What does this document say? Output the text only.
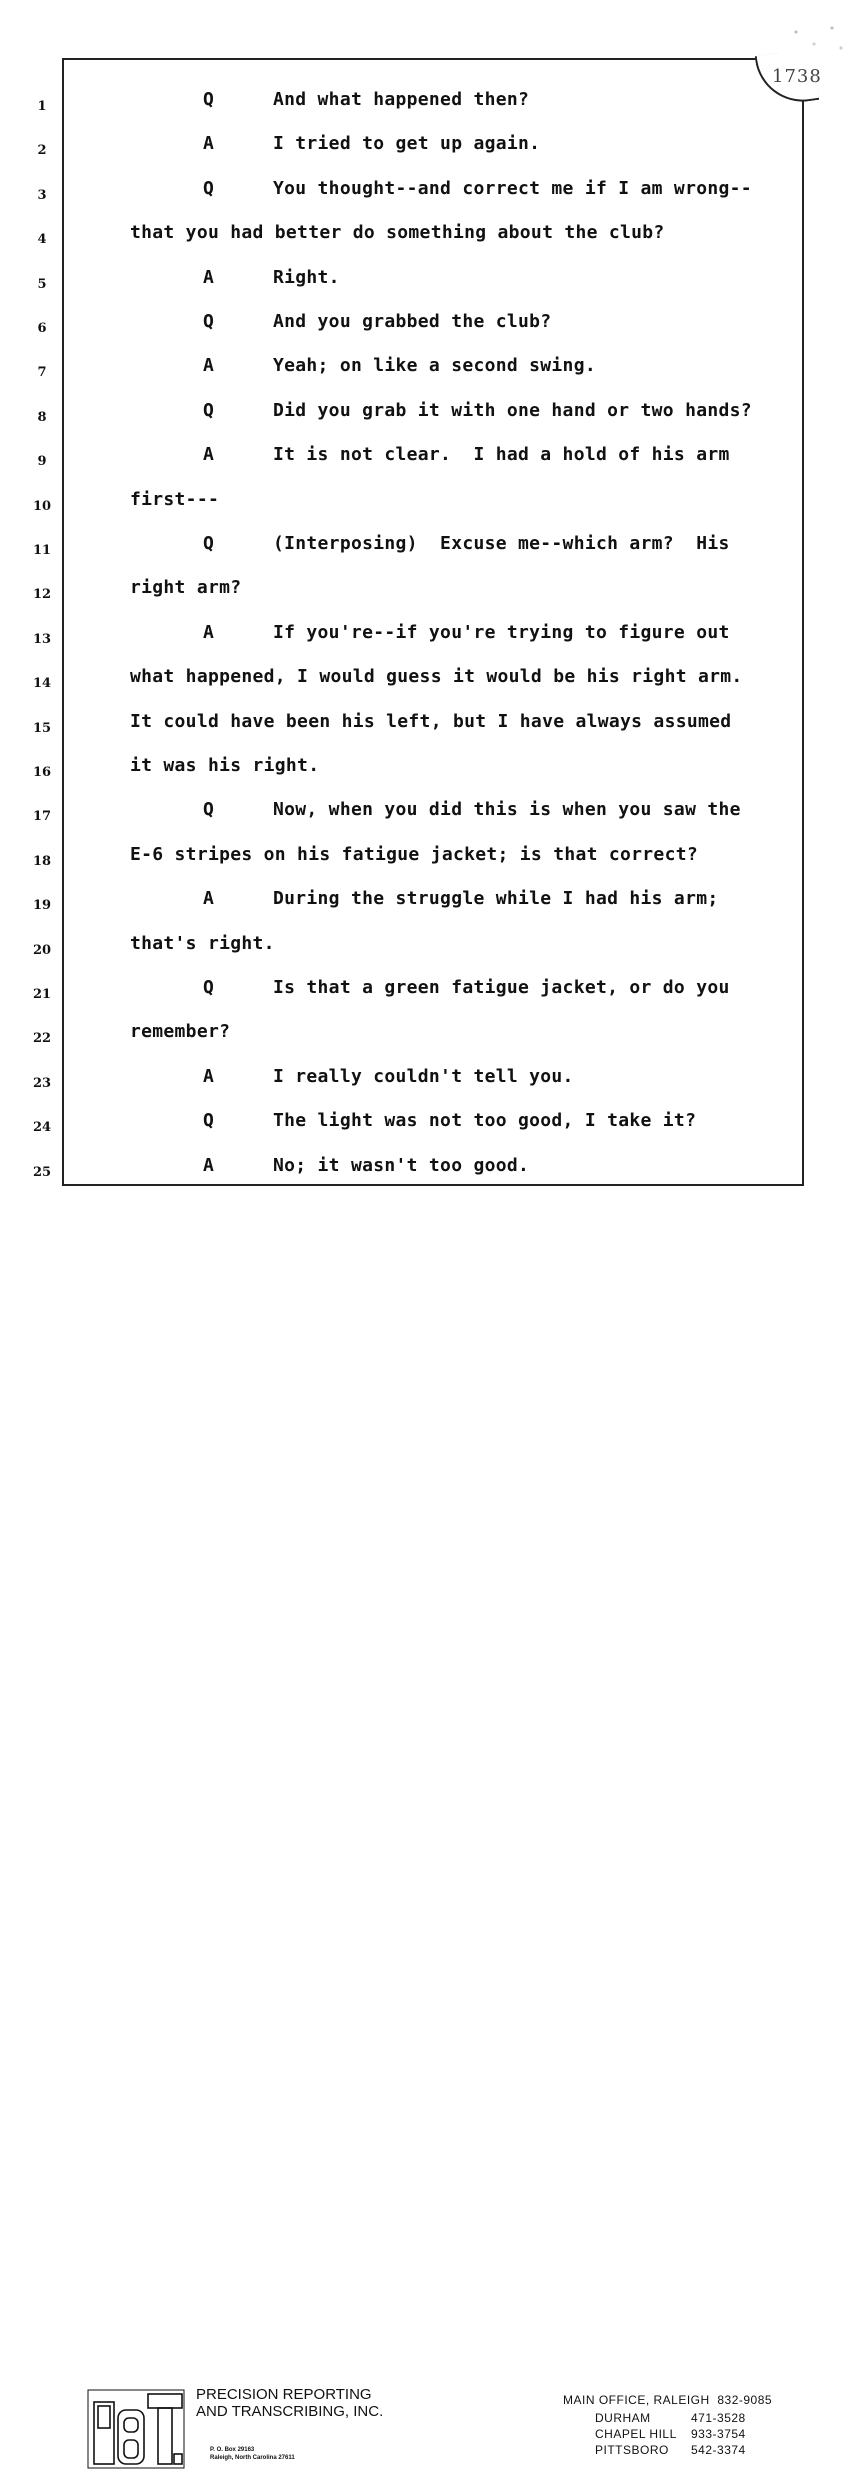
1738
1	Q	And what happened then?
2	A	I tried to get up again.
3	Q	You thought--and correct me if I am wrong--
4	that you had better do something about the club?
5	A	Right.
6	Q	And you grabbed the club?
7	A	Yeah; on like a second swing.
8	Q	Did you grab it with one hand or two hands?
9	A	It is not clear.  I had a hold of his arm
10	first---
11	Q	(Interposing)  Excuse me--which arm?  His
12	right arm?
13	A	If you're--if you're trying to figure out
14	what happened, I would guess it would be his right arm.
15	It could have been his left, but I have always assumed
16	it was his right.
17	Q	Now, when you did this is when you saw the
18	E-6 stripes on his fatigue jacket; is that correct?
19	A	During the struggle while I had his arm;
20	that's right.
21	Q	Is that a green fatigue jacket, or do you
22	remember?
23	A	I really couldn't tell you.
24	Q	The light was not too good, I take it?
25	A	No; it wasn't too good.
PRECISION REPORTING
AND TRANSCRIBING, INC.
P. O. Box 29163
Raleigh, North Carolina 27611
MAIN OFFICE, RALEIGH  832-9085
DURHAM	471-3528
CHAPEL HILL 933-3754
PITTSBORO 542-3374
